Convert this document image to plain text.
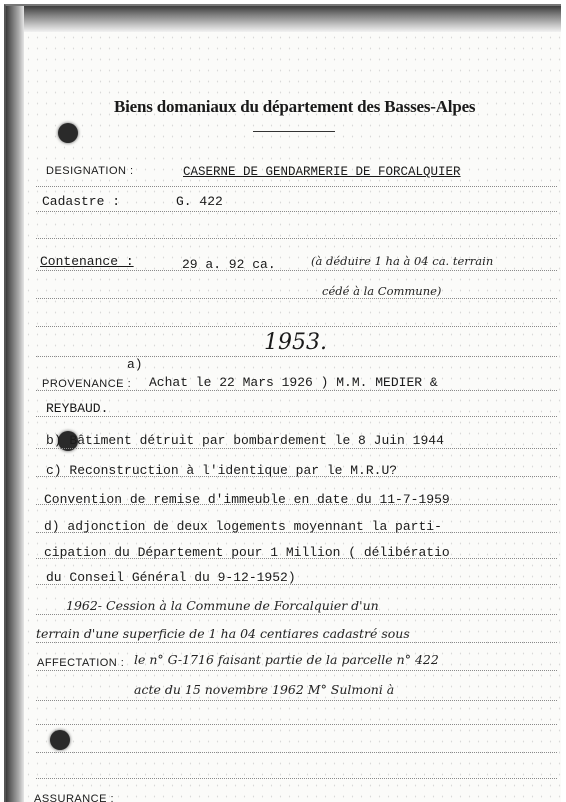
Biens domaniaux du département des Basses-Alpes
DESIGNATION :	CASERNE DE GENDARMERIE DE FORCALQUIER
Cadastre :	G. 422
Contenance :	29 a. 92 ca.	(à déduire 1 ha à 04 ca. terrain
cédé à la Commune)
1953.
a)
PROVENANCE : Achat le 22 Mars 1926 ) M.M. MEDIER &
REYBAUD.
b) Bâtiment détruit par bombardement le 8 Juin 1944
c) Reconstruction à l'identique par le M.R.U?
Convention de remise d'immeuble en date du 11-7-1959
d) adjonction de deux logements moyennant la parti-
cipation du Département pour 1 Million ( délibératio
du Conseil Général du 9-12-1952)
1962- Cession à la Commune de Forcalquier d'un
terrain d'une superficie de 1 ha 04 centiares cadastré sous
AFFECTATION : le n° G-1716 faisant partie de la parcelle n° 422
acte du 15 novembre 1962 M° Sulmoni à
ASSURANCE :
